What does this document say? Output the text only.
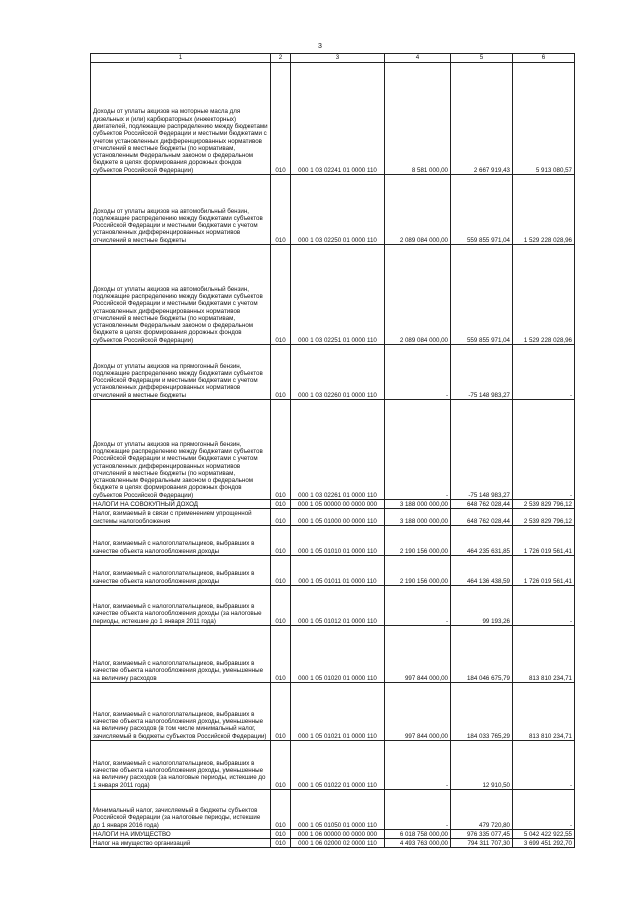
3
1	2	3	4	5	6
Доходы от уплаты акцизов на моторные масла для дизельных и (или) карбюраторных (инжекторных) двигателей, подлежащие распределению между бюджетами субъектов Российской Федерации и местными бюджетами с учетом установленных дифференцированных нормативов отчислений в местные бюджеты (по нормативам, установленным Федеральным законом о федеральном бюджете в целях формирования дорожных фондов субъектов Российской Федерации)	010	000 1 03 02241 01 0000 110	8 581 000,00	2 667 919,43	5 913 080,57
Доходы от уплаты акцизов на автомобильный бензин, подлежащие распределению между бюджетами субъектов Российской Федерации и местными бюджетами с учетом установленных дифференцированных нормативов отчислений в местные бюджеты	010	000 1 03 02250 01 0000 110	2 089 084 000,00	559 855 971,04	1 529 228 028,96
Доходы от уплаты акцизов на автомобильный бензин, подлежащие распределению между бюджетами субъектов Российской Федерации и местными бюджетами с учетом установленных дифференцированных нормативов отчислений в местные бюджеты (по нормативам, установленным Федеральным законом о федеральном бюджете в целях формирования дорожных фондов субъектов Российской Федерации)	010	000 1 03 02251 01 0000 110	2 089 084 000,00	559 855 971,04	1 529 228 028,96
Доходы от уплаты акцизов на прямогонный бензин, подлежащие распределению между бюджетами субъектов Российской Федерации и местными бюджетами с учетом установленных дифференцированных нормативов отчислений в местные бюджеты	010	000 1 03 02260 01 0000 110	-	-75 148 983,27	-
Доходы от уплаты акцизов на прямогонный бензин, подлежащие распределению между бюджетами субъектов Российской Федерации и местными бюджетами с учетом установленных дифференцированных нормативов отчислений в местные бюджеты (по нормативам, установленным Федеральным законом о федеральном бюджете в целях формирования дорожных фондов субъектов Российской Федерации)	010	000 1 03 02261 01 0000 110	-	-75 148 983,27	-
НАЛОГИ НА СОВОКУПНЫЙ ДОХОД	010	000 1 05 00000 00 0000 000	3 188 000 000,00	648 762 028,44	2 539 829 796,12
Налог, взимаемый в связи с применением упрощенной системы налогообложения	010	000 1 05 01000 00 0000 110	3 188 000 000,00	648 762 028,44	2 539 829 796,12
Налог, взимаемый с налогоплательщиков, выбравших в качестве объекта налогообложения доходы	010	000 1 05 01010 01 0000 110	2 190 156 000,00	464 235 631,85	1 726 019 561,41
Налог, взимаемый с налогоплательщиков, выбравших в качестве объекта налогообложения доходы	010	000 1 05 01011 01 0000 110	2 190 156 000,00	464 136 438,59	1 726 019 561,41
Налог, взимаемый с налогоплательщиков, выбравших в качестве объекта налогообложения доходы (за налоговые периоды, истекшие до 1 января 2011 года)	010	000 1 05 01012 01 0000 110	-	99 193,26	-
Налог, взимаемый с налогоплательщиков, выбравших в качестве объекта налогообложения доходы, уменьшенные на величину расходов	010	000 1 05 01020 01 0000 110	997 844 000,00	184 046 675,79	813 810 234,71
Налог, взимаемый с налогоплательщиков, выбравших в качестве объекта налогообложения доходы, уменьшенные на величину расходов (в том числе минимальный налог, зачисляемый в бюджеты субъектов Российской Федерации)	010	000 1 05 01021 01 0000 110	997 844 000,00	184 033 765,29	813 810 234,71
Налог, взимаемый с налогоплательщиков, выбравших в качестве объекта налогообложения доходы, уменьшенные на величину расходов (за налоговые периоды, истекшие до 1 января 2011 года)	010	000 1 05 01022 01 0000 110	-	12 910,50	-
Минимальный налог, зачисляемый в бюджеты субъектов Российской Федерации (за налоговые периоды, истекшие до 1 января 2016 года)	010	000 1 05 01050 01 0000 110	-	479 720,80	-
НАЛОГИ НА ИМУЩЕСТВО	010	000 1 06 00000 00 0000 000	6 018 758 000,00	976 335 077,45	5 042 422 922,55
Налог на имущество организаций	010	000 1 06 02000 02 0000 110	4 493 763 000,00	794 311 707,30	3 699 451 292,70
